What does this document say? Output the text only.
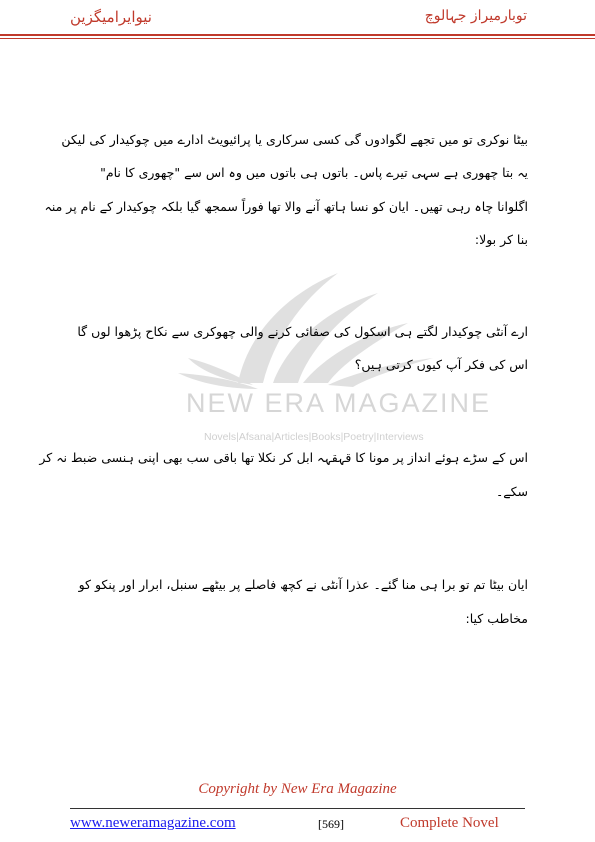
نیوایرامیگزین	توبارمیراز جہالوچ
NEW ERA MAGAZINE
Novels|Afsana|Articles|Books|Poetry|Interviews
بیٹا نوکری تو میں تجھے لگوادوں گی کسی سرکاری یا پرائیویٹ ادارے میں چوکیدار کی لیکن
یہ بتا چھوری ہے سہی تیرے پاس۔ باتوں ہی باتوں میں وہ اس سے "چھوری کا نام"
اگلوانا چاہ رہی تھیں۔ ایان کو نسا ہاتھ آنے والا تھا فوراً سمجھ گیا بلکہ چوکیدار کے نام پر منہ
بنا کر بولا:
ارے آنٹی چوکیدار لگتے ہی اسکول کی صفائی کرنے والی چھوکری سے نکاح پڑھوا لوں گا
اس کی فکر آپ کیوں کرتی ہیں؟
اس کے سڑے ہوئے انداز پر مونا کا قہقہہ ابل کر نکلا تھا باقی سب بھی اپنی ہنسی ضبط نہ کر
سکے۔
ایان بیٹا تم تو برا ہی منا گئے۔ عذرا آنٹی نے کچھ فاصلے پر بیٹھے سنبل، ابرار اور پنکو کو
مخاطب کیا:
Copyright by New Era Magazine
www.neweramagazine.com	[569]	Complete Novel
